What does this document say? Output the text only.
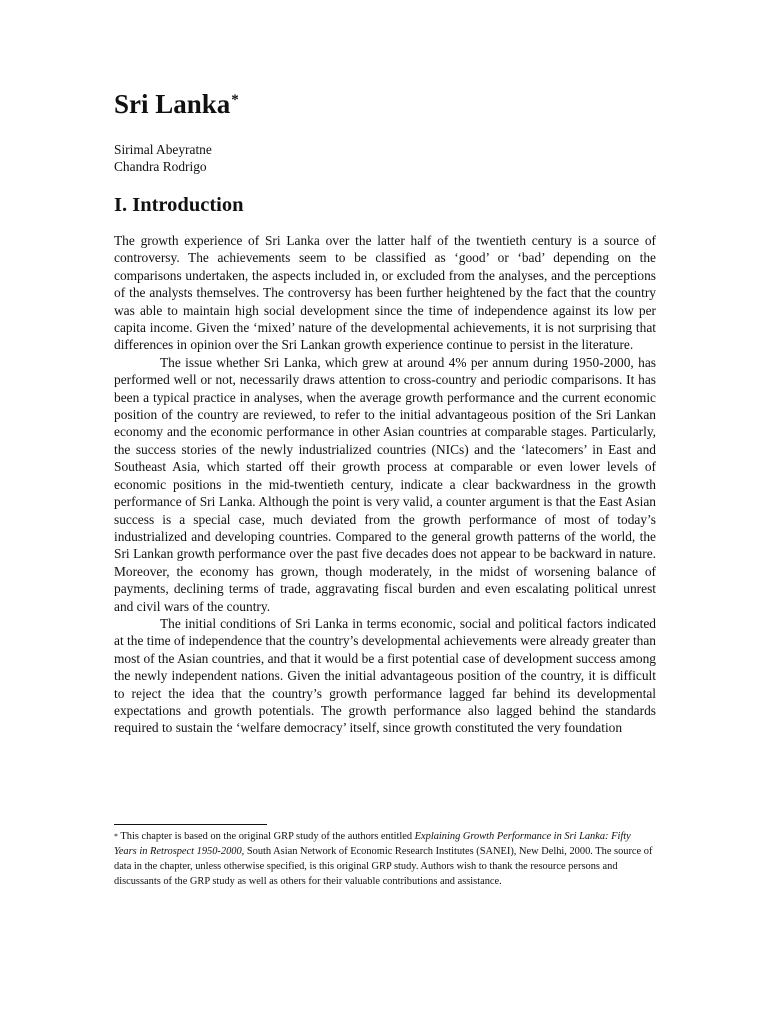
Sri Lanka*
Sirimal Abeyratne
Chandra Rodrigo
I. Introduction

The growth experience of Sri Lanka over the latter half of the twentieth century is a source of controversy. The achievements seem to be classified as ‘good’ or ‘bad’ depending on the comparisons undertaken, the aspects included in, or excluded from the analyses, and the perceptions of the analysts themselves. The controversy has been further heightened by the fact that the country was able to maintain high social development since the time of independence against its low per capita income. Given the ‘mixed’ nature of the developmental achievements, it is not surprising that differences in opinion over the Sri Lankan growth experience continue to persist in the literature.

The issue whether Sri Lanka, which grew at around 4% per annum during 1950-2000, has performed well or not, necessarily draws attention to cross-country and periodic comparisons. It has been a typical practice in analyses, when the average growth performance and the current economic position of the country are reviewed, to refer to the initial advantageous position of the Sri Lankan economy and the economic performance in other Asian countries at comparable stages. Particularly, the success stories of the newly industrialized countries (NICs) and the ‘latecomers’ in East and Southeast Asia, which started off their growth process at comparable or even lower levels of economic positions in the mid-twentieth century, indicate a clear backwardness in the growth performance of Sri Lanka. Although the point is very valid, a counter argument is that the East Asian success is a special case, much deviated from the growth performance of most of today’s industrialized and developing countries. Compared to the general growth patterns of the world, the Sri Lankan growth performance over the past five decades does not appear to be backward in nature. Moreover, the economy has grown, though moderately, in the midst of worsening balance of payments, declining terms of trade, aggravating fiscal burden and even escalating political unrest and civil wars of the country.

The initial conditions of Sri Lanka in terms economic, social and political factors indicated at the time of independence that the country’s developmental achievements were already greater than most of the Asian countries, and that it would be a first potential case of development success among the newly independent nations. Given the initial advantageous position of the country, it is difficult to reject the idea that the country’s growth performance lagged far behind its developmental expectations and growth potentials. The growth performance also lagged behind the standards required to sustain the ‘welfare democracy’ itself, since growth constituted the very foundation

* This chapter is based on the original GRP study of the authors entitled Explaining Growth Performance in Sri Lanka: Fifty Years in Retrospect 1950-2000, South Asian Network of Economic Research Institutes (SANEI), New Delhi, 2000. The source of data in the chapter, unless otherwise specified, is this original GRP study. Authors wish to thank the resource persons and discussants of the GRP study as well as others for their valuable contributions and assistance.
